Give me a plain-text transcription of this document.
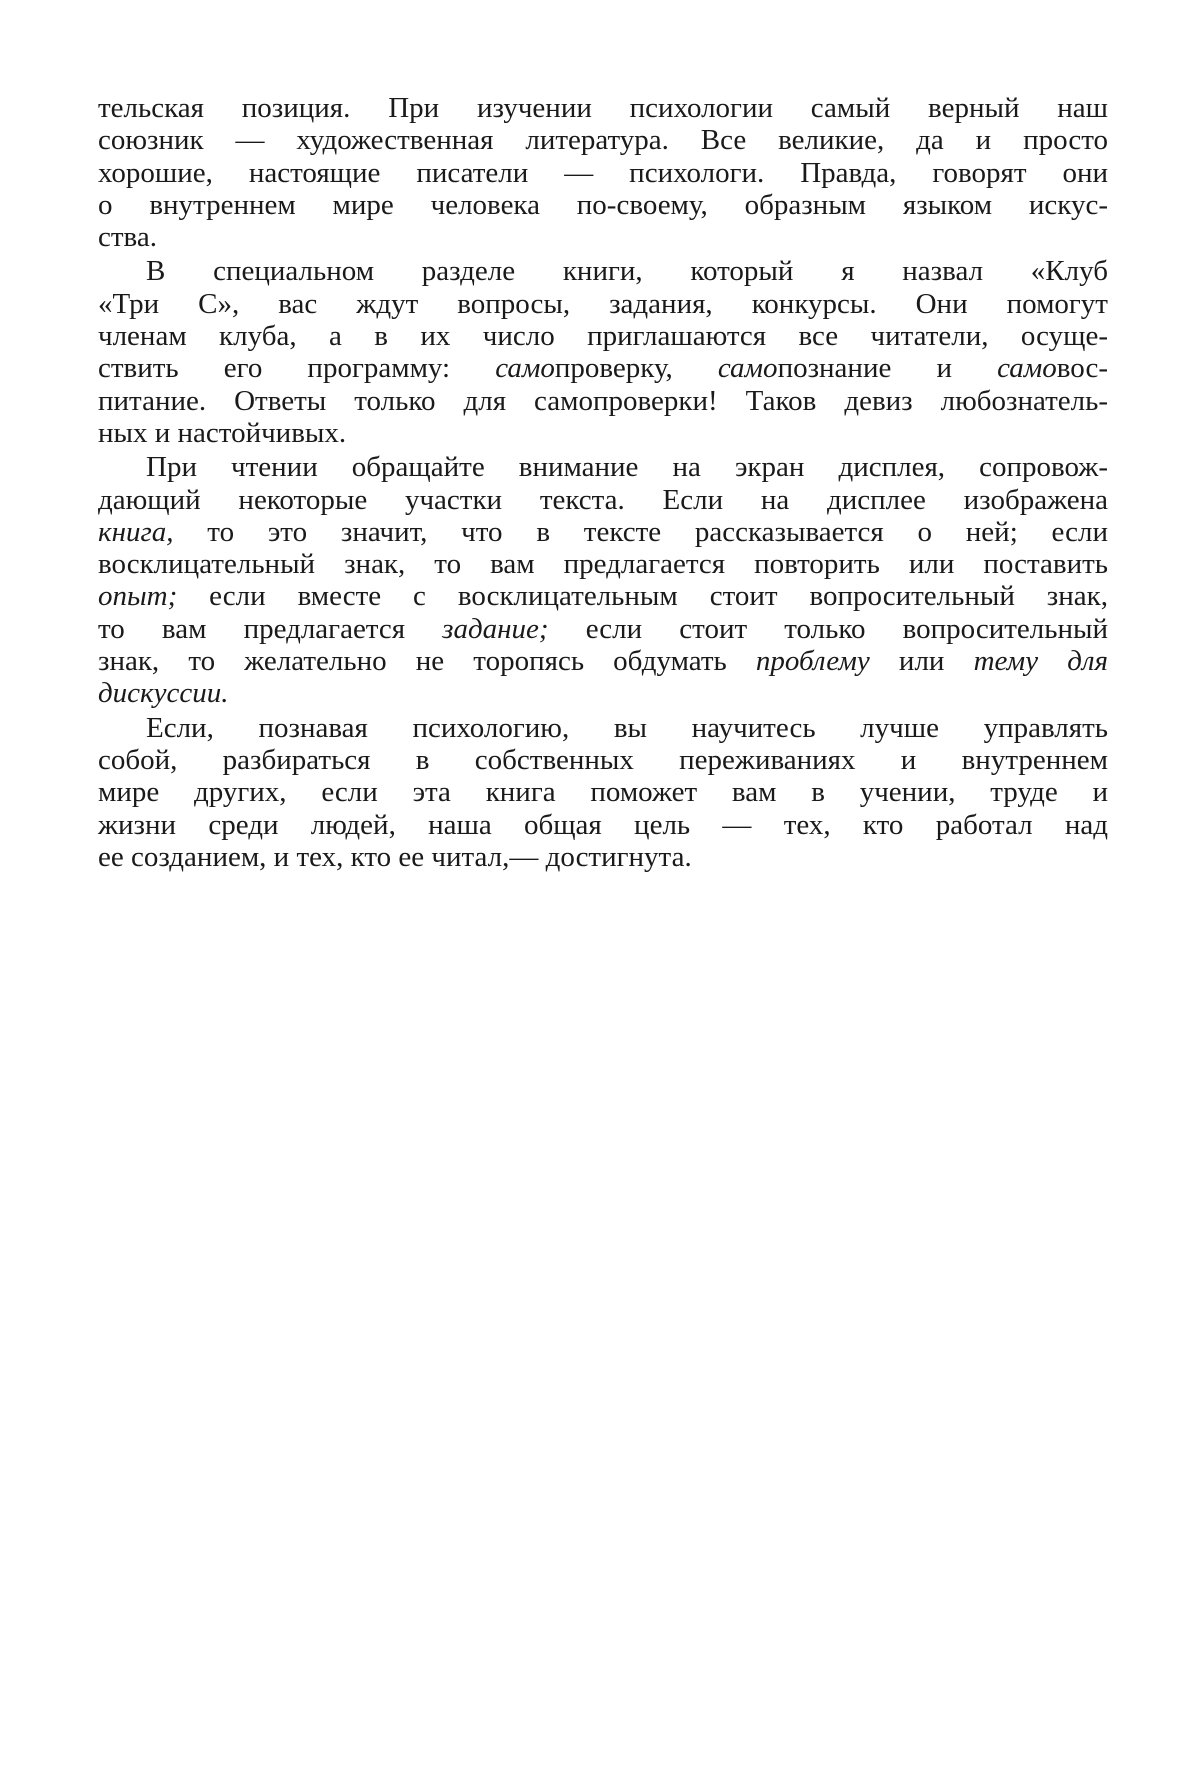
тельская позиция. При изучении психологии самый верный наш
союзник — художественная литература. Все великие, да и просто
хорошие, настоящие писатели — психологи. Правда, говорят они
о внутреннем мире человека по-своему, образным языком искус-
ства.

В специальном разделе книги, который я назвал «Клуб
«Три С», вас ждут вопросы, задания, конкурсы. Они помогут
членам клуба, а в их число приглашаются все читатели, осуще-
ствить его программу: самопроверку, самопознание и самовос-
питание. Ответы только для самопроверки! Таков девиз любознатель-
ных и настойчивых.

При чтении обращайте внимание на экран дисплея, сопровож-
дающий некоторые участки текста. Если на дисплее изображена
книга, то это значит, что в тексте рассказывается о ней; если
восклицательный знак, то вам предлагается повторить или поставить
опыт; если вместе с восклицательным стоит вопросительный знак,
то вам предлагается задание; если стоит только вопросительный
знак, то желательно не торопясь обдумать проблему или тему для
дискуссии.

Если, познавая психологию, вы научитесь лучше управлять
собой, разбираться в собственных переживаниях и внутреннем
мире других, если эта книга поможет вам в учении, труде и
жизни среди людей, наша общая цель — тех, кто работал над
ее созданием, и тех, кто ее читал,— достигнута.
